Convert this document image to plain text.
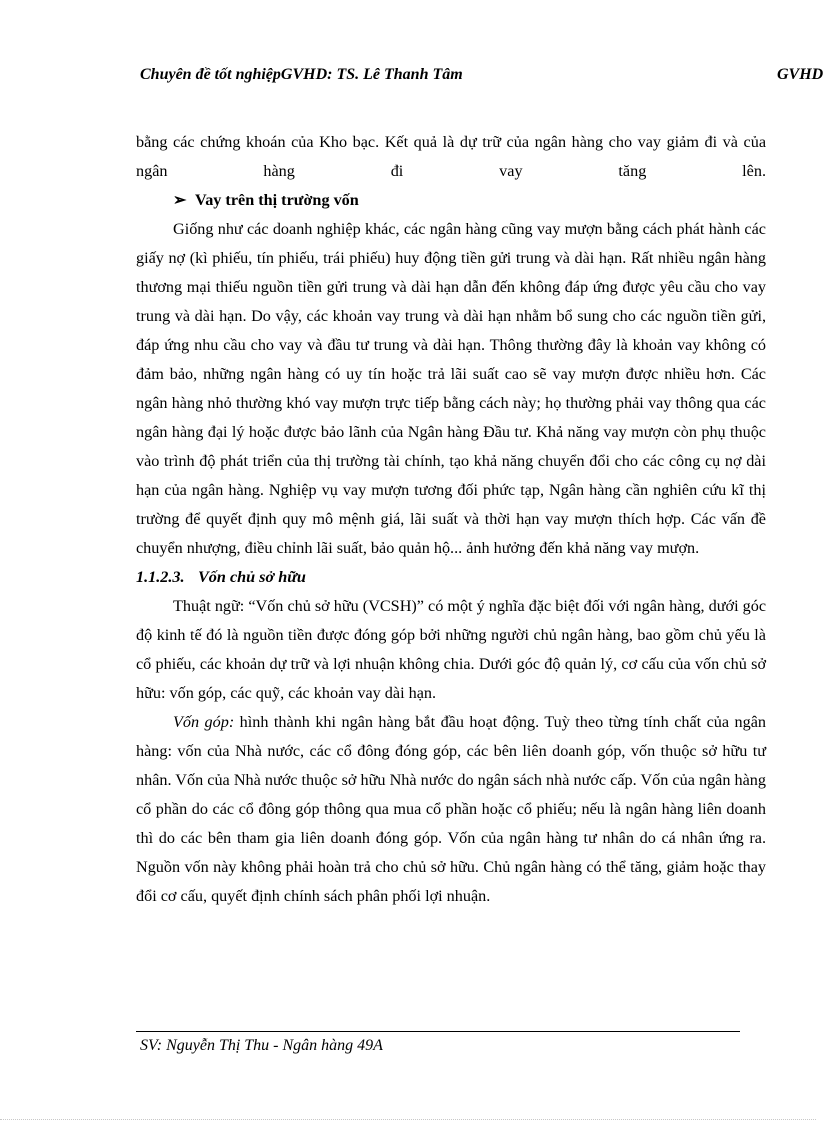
Chuyên đề tốt nghiệpGVHD: TS. Lê Thanh Tâm	GVHD

bằng các chứng khoán của Kho bạc. Kết quả là dự trữ của ngân hàng cho vay giảm đi và của ngân hàng đi vay tăng lên.

➢ Vay trên thị trường vốn

Giống như các doanh nghiệp khác, các ngân hàng cũng vay mượn bằng cách phát hành các giấy nợ (kì phiếu, tín phiếu, trái phiếu) huy động tiền gửi trung và dài hạn. Rất nhiều ngân hàng thương mại thiếu nguồn tiền gửi trung và dài hạn dẫn đến không đáp ứng được yêu cầu cho vay trung và dài hạn. Do vậy, các khoản vay trung và dài hạn nhằm bổ sung cho các nguồn tiền gửi, đáp ứng nhu cầu cho vay và đầu tư trung và dài hạn. Thông thường đây là khoản vay không có đảm bảo, những ngân hàng có uy tín hoặc trả lãi suất cao sẽ vay mượn được nhiều hơn. Các ngân hàng nhỏ thường khó vay mượn trực tiếp bằng cách này; họ thường phải vay thông qua các ngân hàng đại lý hoặc được bảo lãnh của Ngân hàng Đầu tư. Khả năng vay mượn còn phụ thuộc vào trình độ phát triển của thị trường tài chính, tạo khả năng chuyển đổi cho các công cụ nợ dài hạn của ngân hàng. Nghiệp vụ vay mượn tương đối phức tạp, Ngân hàng cần nghiên cứu kĩ thị trường để quyết định quy mô mệnh giá, lãi suất và thời hạn vay mượn thích hợp. Các vấn đề chuyển nhượng, điều chỉnh lãi suất, bảo quản hộ... ảnh hưởng đến khả năng vay mượn.

1.1.2.3. Vốn chủ sở hữu

Thuật ngữ: “Vốn chủ sở hữu (VCSH)” có một ý nghĩa đặc biệt đối với ngân hàng, dưới góc độ kinh tế đó là nguồn tiền được đóng góp bởi những người chủ ngân hàng, bao gồm chủ yếu là cổ phiếu, các khoản dự trữ và lợi nhuận không chia. Dưới góc độ quản lý, cơ cấu của vốn chủ sở hữu: vốn góp, các quỹ, các khoản vay dài hạn.

Vốn góp: hình thành khi ngân hàng bắt đầu hoạt động. Tuỳ theo từng tính chất của ngân hàng: vốn của Nhà nước, các cổ đông đóng góp, các bên liên doanh góp, vốn thuộc sở hữu tư nhân. Vốn của Nhà nước thuộc sở hữu Nhà nước do ngân sách nhà nước cấp. Vốn của ngân hàng cổ phần do các cổ đông góp thông qua mua cổ phần hoặc cổ phiếu; nếu là ngân hàng liên doanh thì do các bên tham gia liên doanh đóng góp. Vốn của ngân hàng tư nhân do cá nhân ứng ra. Nguồn vốn này không phải hoàn trả cho chủ sở hữu. Chủ ngân hàng có thể tăng, giảm hoặc thay đổi cơ cấu, quyết định chính sách phân phối lợi nhuận.

SV: Nguyễn Thị Thu - Ngân hàng 49A
